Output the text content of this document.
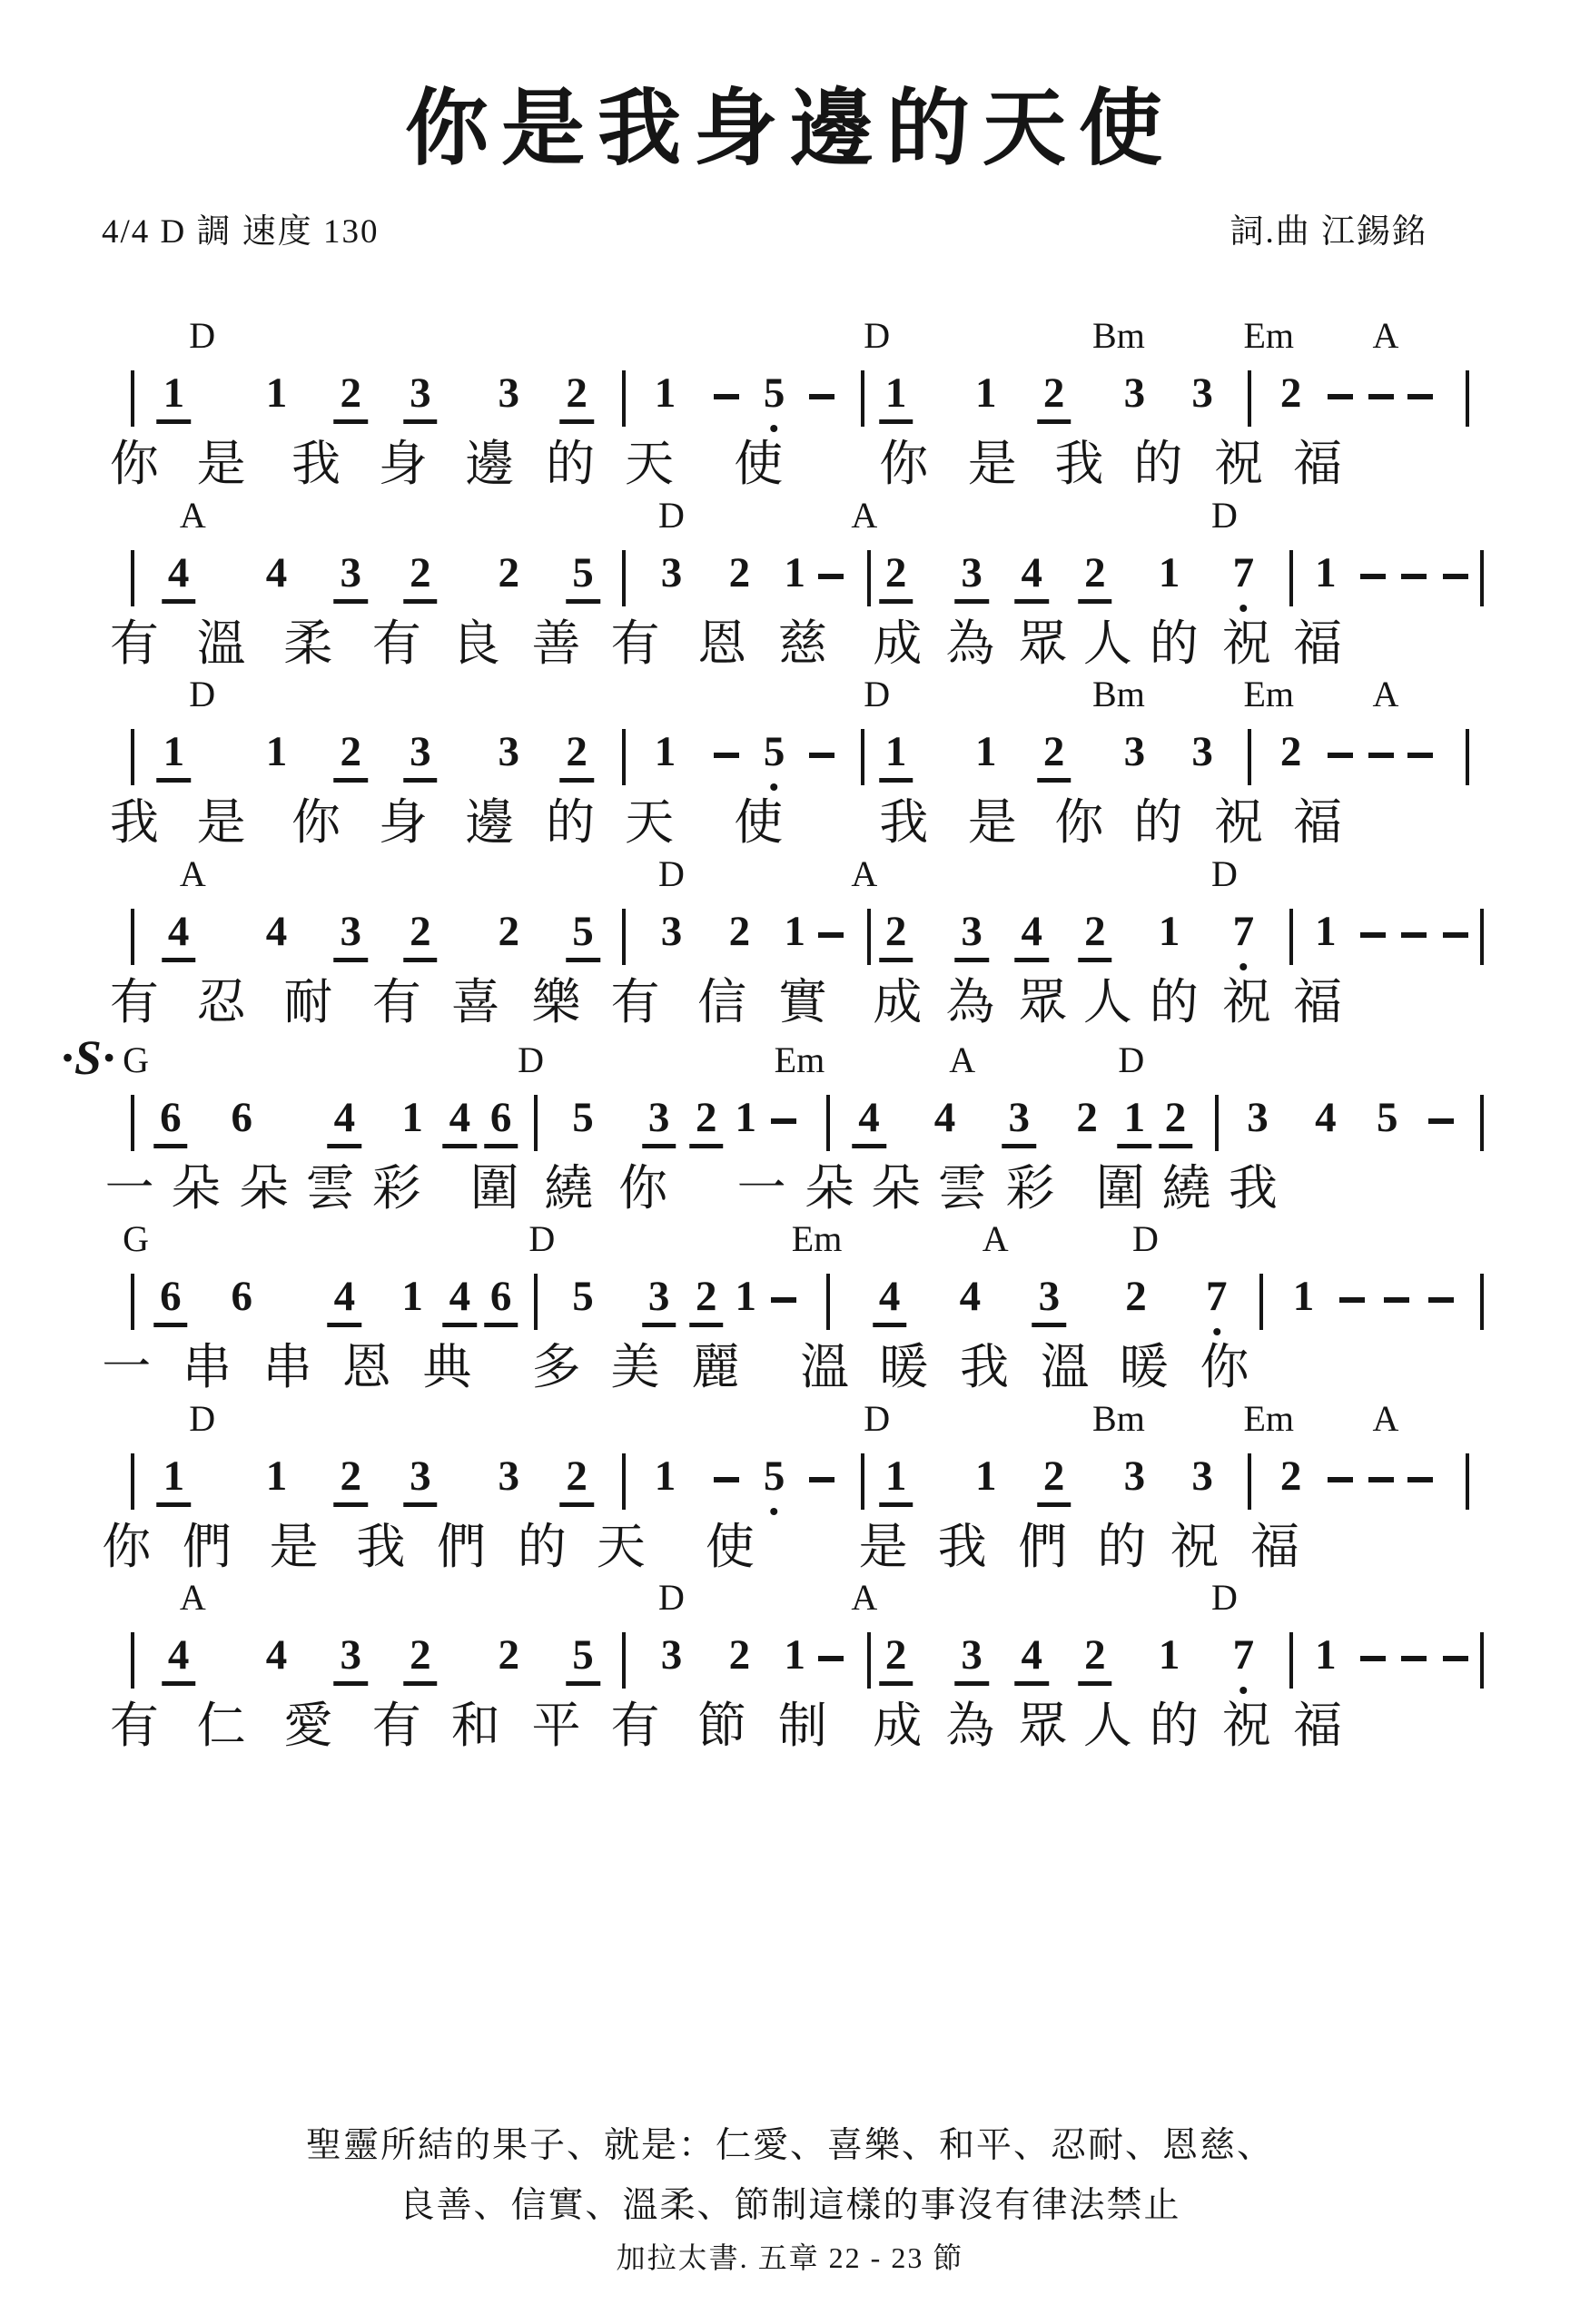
你是我身邊的天使
4/4 D 調 速度 130	詞.曲 江錫銘
D	D	Bm	Em A
1 1 2 3 3 2 1 5 1 1 2 3 3 2
你 是 我 身 邊 的 天 使 你 是 我 的 祝 福
A	D	A	D
4 4 3 2 2 5 3 2 1 2 3 4 2 1 7 1
有 溫 柔 有 良 善 有 恩 慈 成 為 眾 人 的 祝 福
D	D	Bm	Em A
1 1 2 3 3 2 1 5 1 1 2 3 3 2
我 是 你 身 邊 的 天 使 我 是 你 的 祝 福
A	D	A	D
4 4 3 2 2 5 3 2 1 2 3 4 2 1 7 1
有 忍 耐 有 喜 樂 有 信 實 成 為 眾 人 的 祝 福
·S· G	D	Em	A	D
6 6 4 1 4 6 5 3 2 1 4 4 3 2 1 2 3 4 5
一 朵 朵 雲 彩 圍 繞 你 一 朵 朵 雲 彩 圍 繞 我
G	D	Em	A	D
6 6 4 1 4 6 5 3 2 1	4 4 3 2 7 1
一 串 串 恩 典 多 美 麗 溫 暖 我 溫 暖 你
D	D	Bm	Em A
1 1 2 3 3 2 1 5 1 1 2 3 3 2
你 們 是 我 們 的 天 使 是 我 們 的 祝 福
A	D	A	D
4 4 3 2 2 5 3 2 1 2 3 4 2 1 7 1
有 仁 愛 有 和 平 有 節 制 成 為 眾 人 的 祝 福
聖靈所結的果子、就是：仁愛、喜樂、和平、忍耐、恩慈、
良善、信實、溫柔、節制這樣的事沒有律法禁止
加拉太書. 五章 22 - 23 節
